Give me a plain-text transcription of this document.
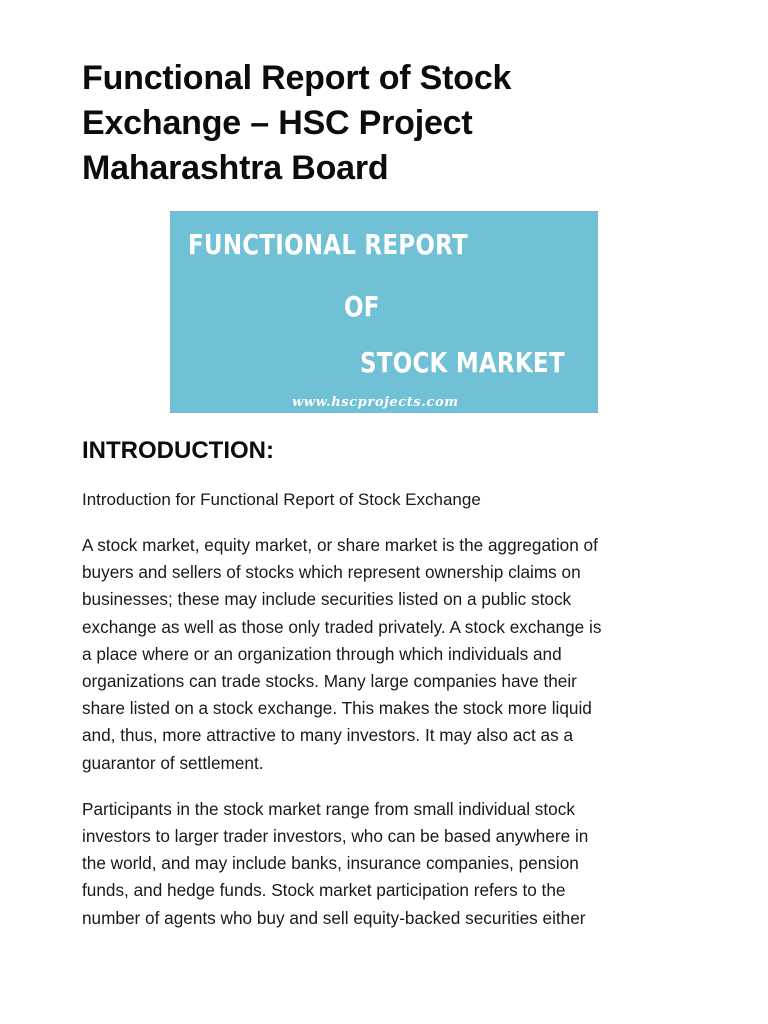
Functional Report of Stock
Exchange – HSC Project
Maharashtra Board
FUNCTIONAL REPORT
OF
STOCK MARKET
www.hscprojects.com
INTRODUCTION:

Introduction for Functional Report of Stock Exchange

A stock market, equity market, or share market is the aggregation of
buyers and sellers of stocks which represent ownership claims on
businesses; these may include securities listed on a public stock
exchange as well as those only traded privately. A stock exchange is
a place where or an organization through which individuals and
organizations can trade stocks. Many large companies have their
share listed on a stock exchange. This makes the stock more liquid
and, thus, more attractive to many investors. It may also act as a
guarantor of settlement.

Participants in the stock market range from small individual stock
investors to larger trader investors, who can be based anywhere in
the world, and may include banks, insurance companies, pension
funds, and hedge funds. Stock market participation refers to the
number of agents who buy and sell equity-backed securities either
